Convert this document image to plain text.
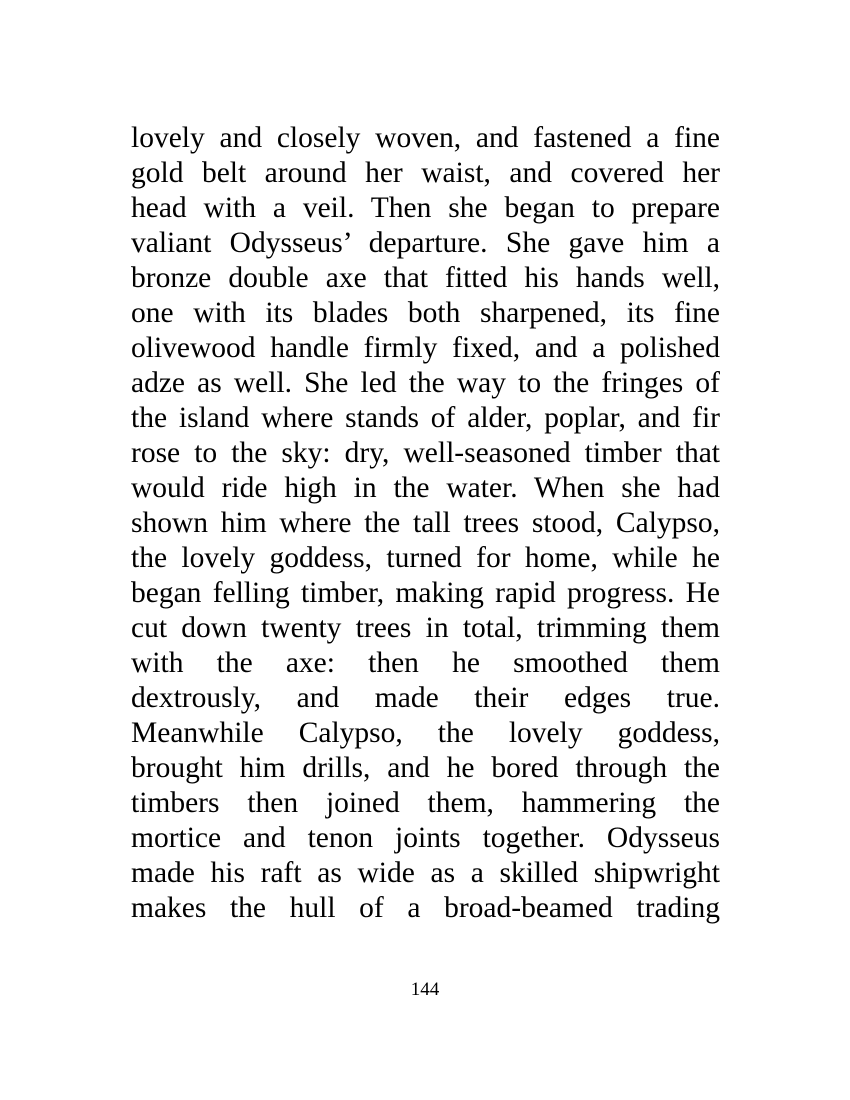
lovely and closely woven, and fastened a fine
gold belt around her waist, and covered her
head with a veil. Then she began to prepare
valiant Odysseus’ departure. She gave him a
bronze double axe that fitted his hands well,
one with its blades both sharpened, its fine
olivewood handle firmly fixed, and a polished
adze as well. She led the way to the fringes of
the island where stands of alder, poplar, and fir
rose to the sky: dry, well-seasoned timber that
would ride high in the water. When she had
shown him where the tall trees stood, Calypso,
the lovely goddess, turned for home, while he
began felling timber, making rapid progress. He
cut down twenty trees in total, trimming them
with the axe: then he smoothed them
dextrously, and made their edges true.
Meanwhile Calypso, the lovely goddess,
brought him drills, and he bored through the
timbers then joined them, hammering the
mortice and tenon joints together. Odysseus
made his raft as wide as a skilled shipwright
makes the hull of a broad-beamed trading
144
